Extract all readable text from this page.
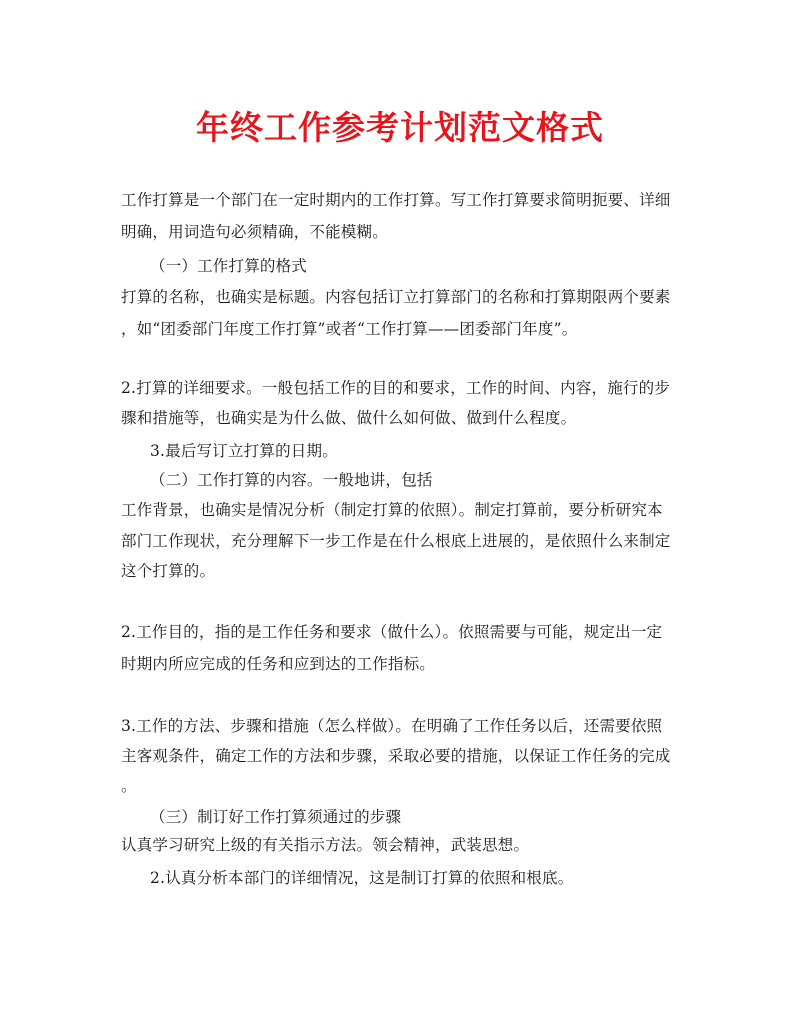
年终工作参考计划范文格式
工作打算是一个部门在一定时期内的工作打算。写工作打算要求简明扼要、详细
明确，用词造句必须精确，不能模糊。
（一）工作打算的格式
打算的名称，也确实是标题。内容包括订立打算部门的名称和打算期限两个要素
，如“团委部门年度工作打算”或者“工作打算——团委部门年度”。
2.打算的详细要求。一般包括工作的目的和要求，工作的时间、内容，施行的步
骤和措施等，也确实是为什么做、做什么如何做、做到什么程度。
3.最后写订立打算的日期。
（二）工作打算的内容。一般地讲，包括
工作背景，也确实是情况分析（制定打算的依照）。制定打算前，要分析研究本
部门工作现状，充分理解下一步工作是在什么根底上进展的，是依照什么来制定
这个打算的。
2.工作目的，指的是工作任务和要求（做什么）。依照需要与可能，规定出一定
时期内所应完成的任务和应到达的工作指标。
3.工作的方法、步骤和措施（怎么样做）。在明确了工作任务以后，还需要依照
主客观条件，确定工作的方法和步骤，采取必要的措施，以保证工作任务的完成
。
（三）制订好工作打算须通过的步骤
认真学习研究上级的有关指示方法。领会精神，武装思想。
2.认真分析本部门的详细情况，这是制订打算的依照和根底。
